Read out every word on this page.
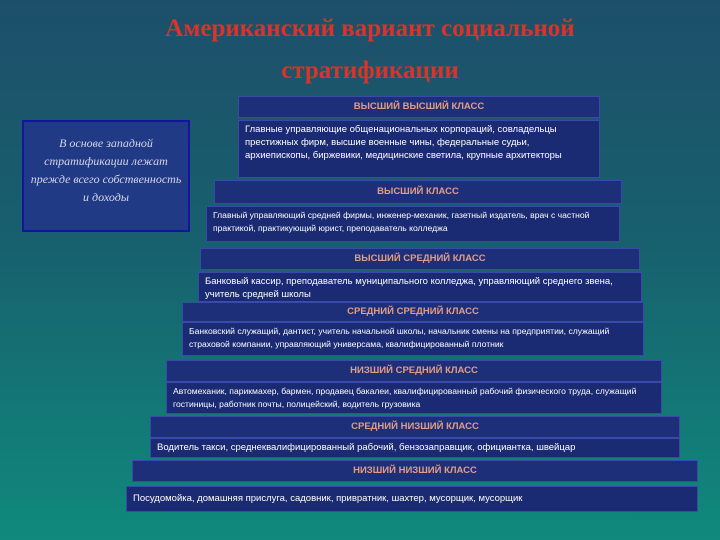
Американский вариант социальной стратификации
В основе западной стратификации лежат прежде всего собственность и доходы
ВЫСШИЙ ВЫСШИЙ КЛАСС
Главные управляющие общенациональных корпораций, совладельцы престижных фирм, высшие военные чины, федеральные судьи, архиепископы, биржевики, медицинские светила, крупные архитекторы
ВЫСШИЙ КЛАСС
Главный управляющий средней фирмы, инженер-механик, газетный издатель, врач с частной практикой, практикующий юрист, преподаватель колледжа
ВЫСШИЙ СРЕДНИЙ КЛАСС
Банковый кассир, преподаватель муниципального колледжа, управляющий среднего звена, учитель средней школы
СРЕДНИЙ СРЕДНИЙ КЛАСС
Банковский служащий, дантист, учитель начальной школы, начальник смены на предприятии, служащий страховой компании, управляющий универсама, квалифицированный плотник
НИЗШИЙ СРЕДНИЙ КЛАСС
Автомеханик, парикмахер, бармен, продавец бакалеи, квалифицированный рабочий физического труда, служащий гостиницы, работник почты, полицейский, водитель грузовика
СРЕДНИЙ НИЗШИЙ КЛАСС
Водитель такси, среднеквалифицированный рабочий, бензозаправщик, официантка, швейцар
НИЗШИЙ НИЗШИЙ КЛАСС
Посудомойка, домашняя прислуга, садовник, привратник, шахтер, мусорщик, мусорщик
